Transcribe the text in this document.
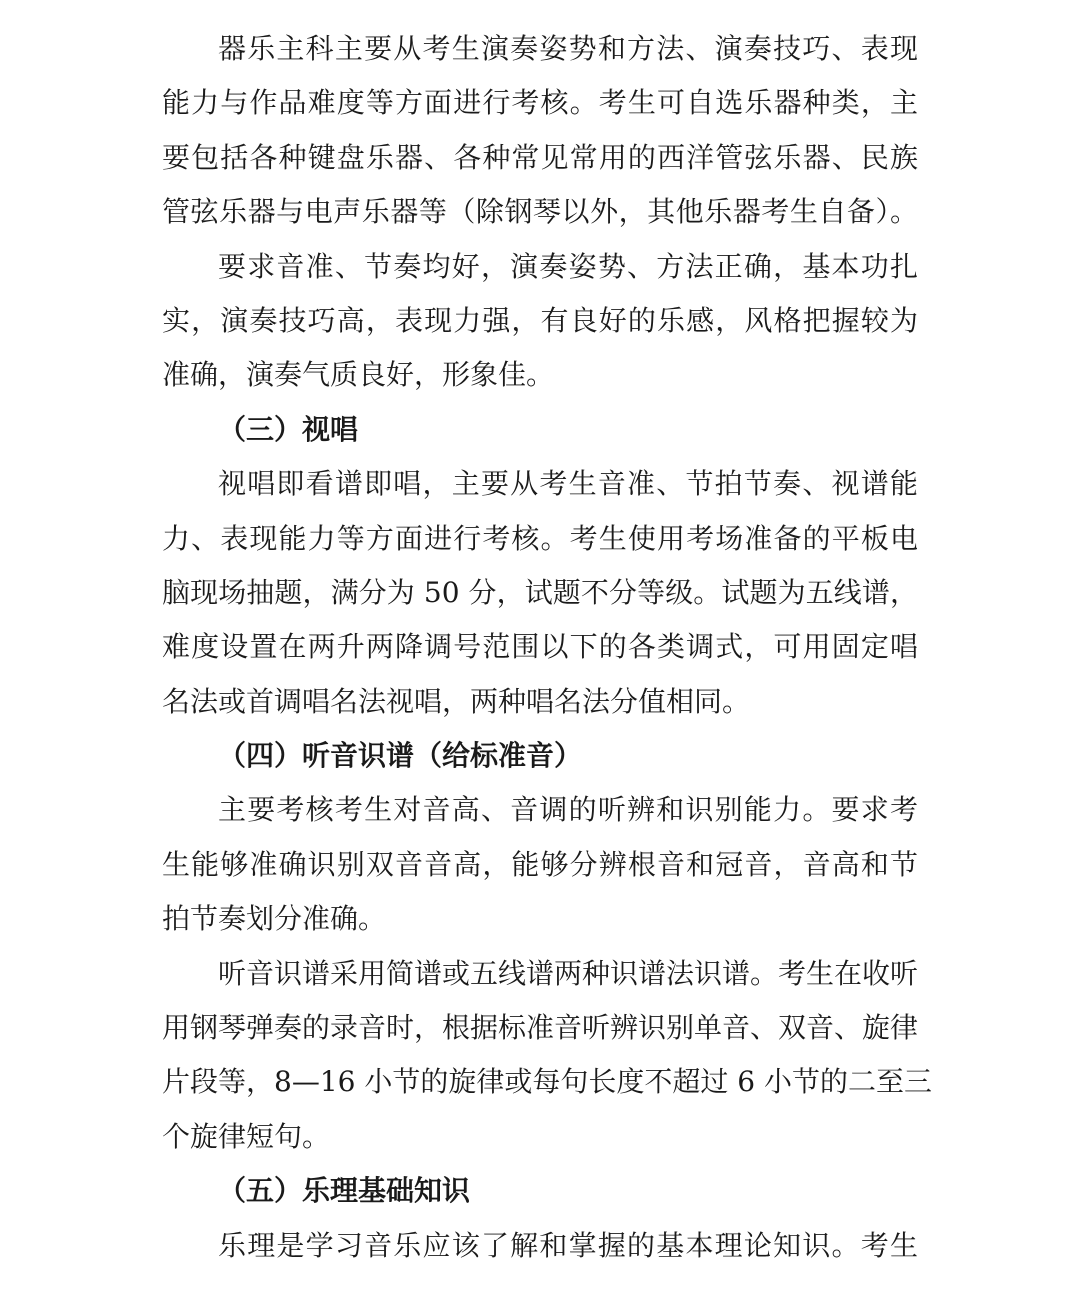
器乐主科主要从考生演奏姿势和方法、演奏技巧、表现
能力与作品难度等方面进行考核。考生可自选乐器种类，主
要包括各种键盘乐器、各种常见常用的西洋管弦乐器、民族
管弦乐器与电声乐器等（除钢琴以外，其他乐器考生自备）。
要求音准、节奏均好，演奏姿势、方法正确，基本功扎
实，演奏技巧高，表现力强，有良好的乐感，风格把握较为
准确，演奏气质良好，形象佳。
（三）视唱
视唱即看谱即唱，主要从考生音准、节拍节奏、视谱能
力、表现能力等方面进行考核。考生使用考场准备的平板电
脑现场抽题，满分为 50 分，试题不分等级。试题为五线谱，
难度设置在两升两降调号范围以下的各类调式，可用固定唱
名法或首调唱名法视唱，两种唱名法分值相同。
（四）听音识谱（给标准音）
主要考核考生对音高、音调的听辨和识别能力。要求考
生能够准确识别双音音高，能够分辨根音和冠音，音高和节
拍节奏划分准确。
听音识谱采用简谱或五线谱两种识谱法识谱。考生在收听
用钢琴弹奏的录音时，根据标准音听辨识别单音、双音、旋律
片段等，8—16 小节的旋律或每句长度不超过 6 小节的二至三
个旋律短句。
（五）乐理基础知识
乐理是学习音乐应该了解和掌握的基本理论知识。考生
